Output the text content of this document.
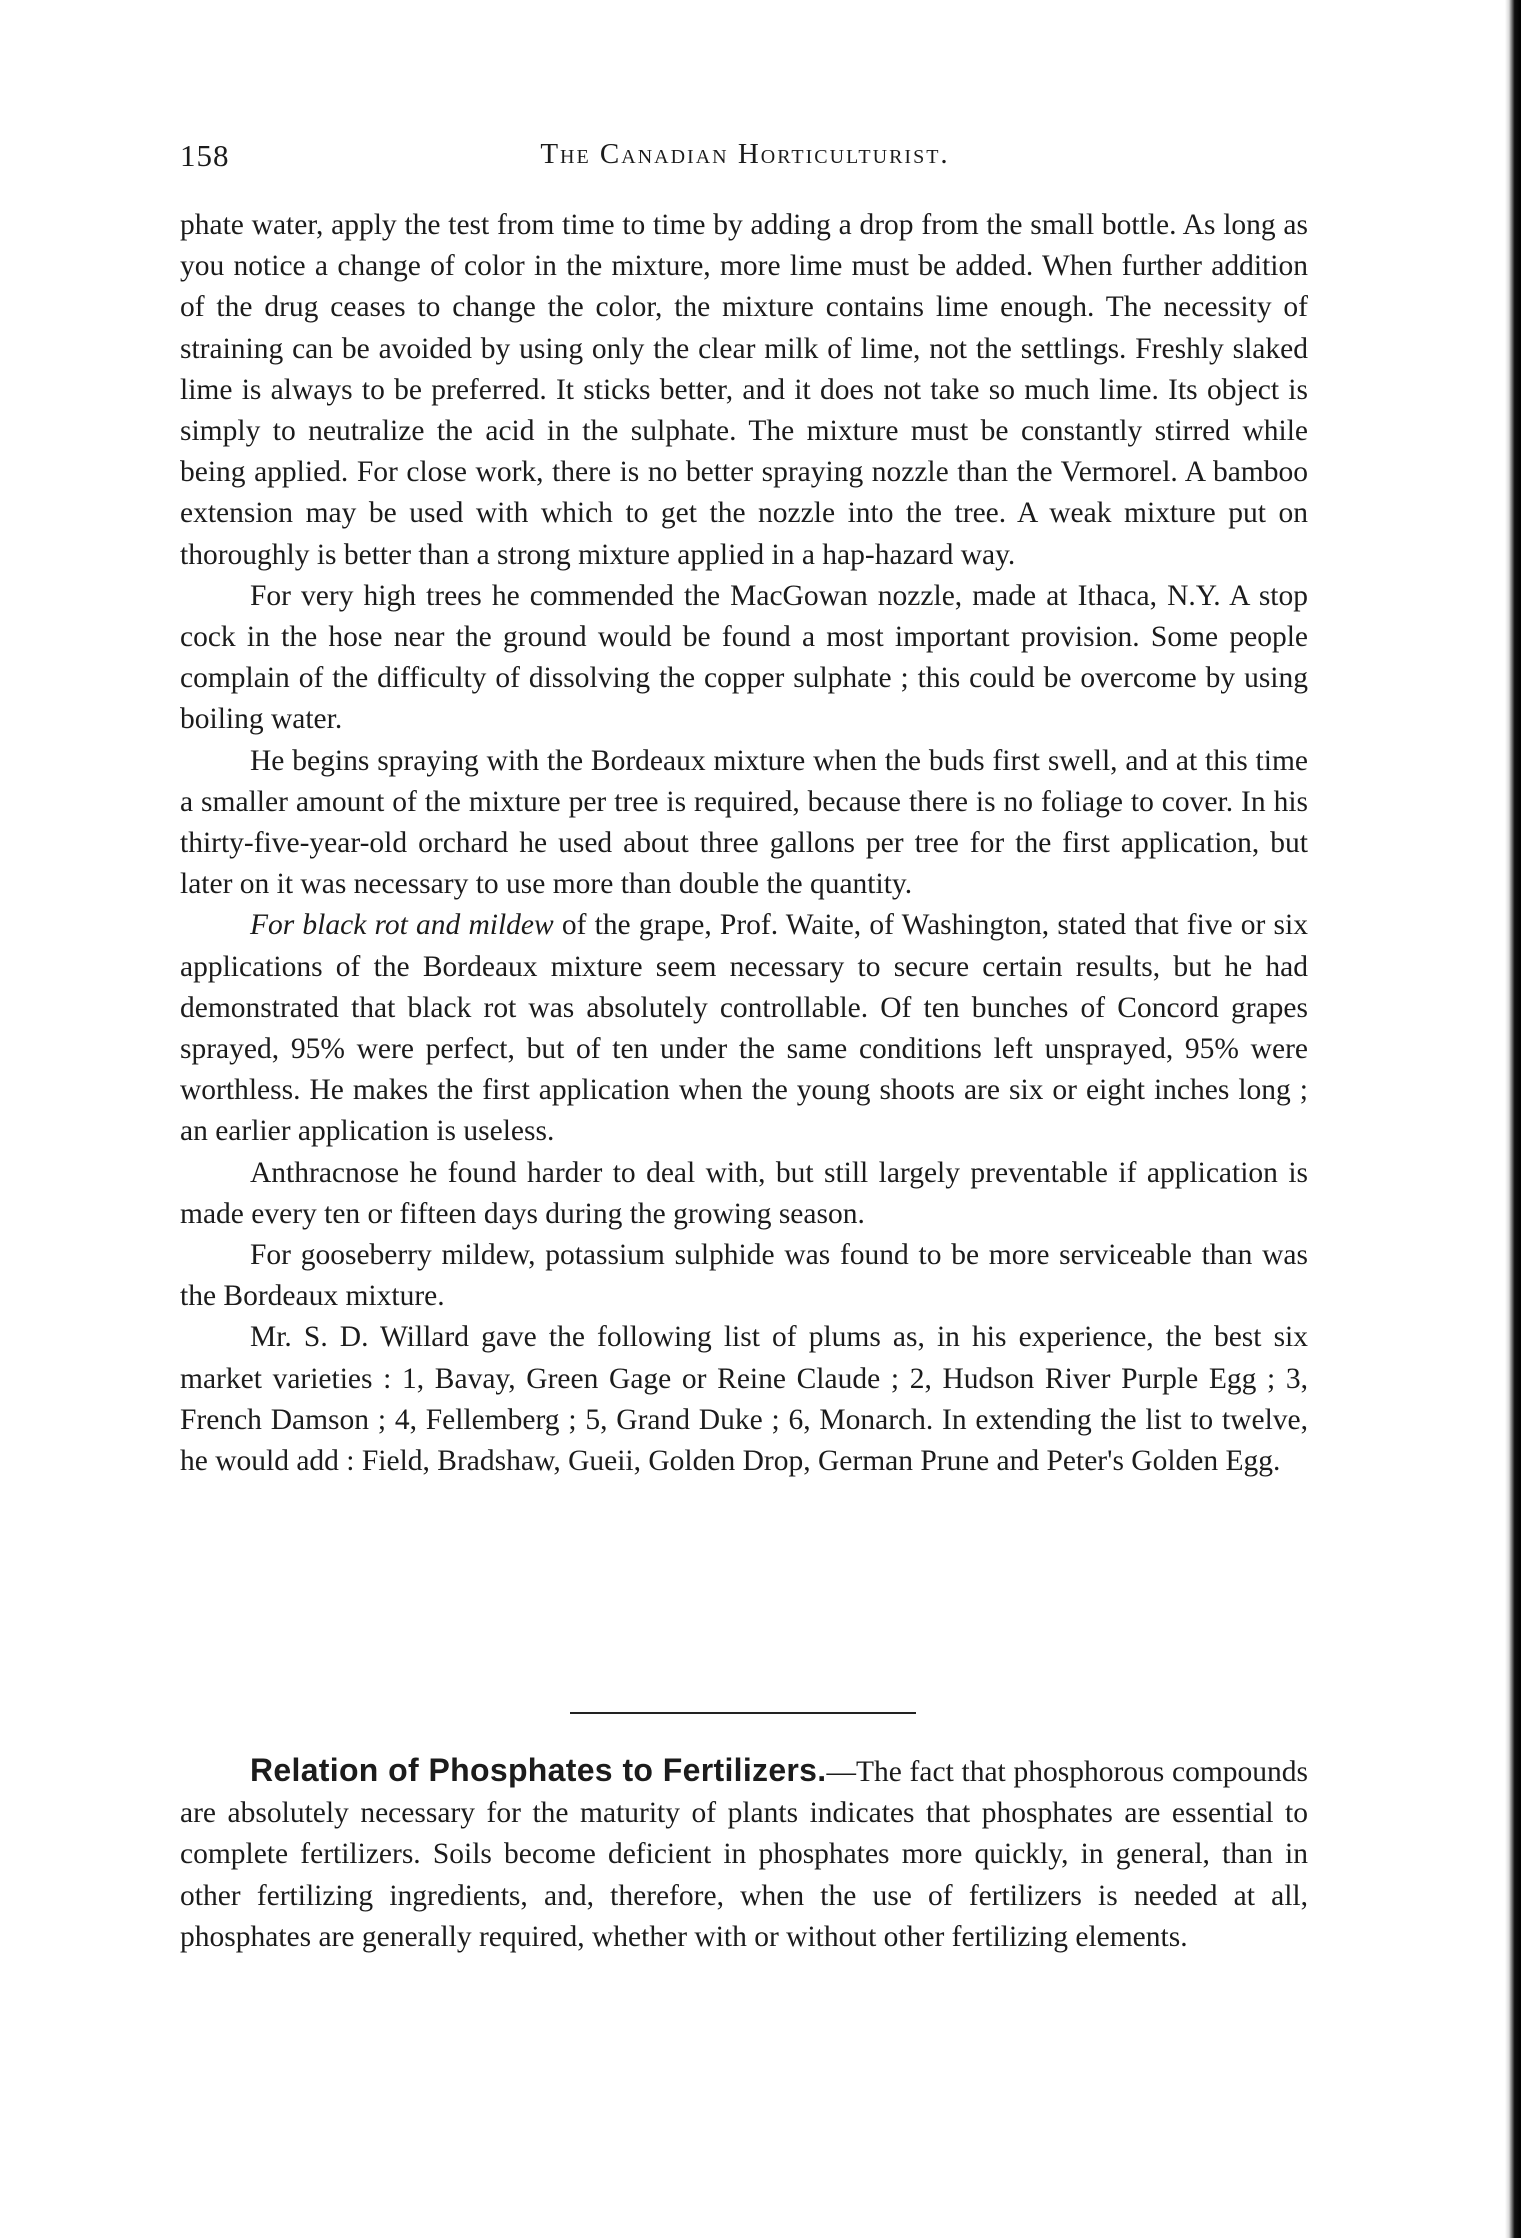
158	The Canadian Horticulturist.

phate water, apply the test from time to time by adding a drop from the small bottle. As long as you notice a change of color in the mixture, more lime must be added. When further addition of the drug ceases to change the color, the mixture contains lime enough. The necessity of straining can be avoided by using only the clear milk of lime, not the settlings. Freshly slaked lime is always to be preferred. It sticks better, and it does not take so much lime. Its object is simply to neutralize the acid in the sulphate. The mixture must be constantly stirred while being applied. For close work, there is no better spraying nozzle than the Vermorel. A bamboo extension may be used with which to get the nozzle into the tree. A weak mixture put on thoroughly is better than a strong mixture applied in a hap-hazard way.

For very high trees he commended the MacGowan nozzle, made at Ithaca, N.Y. A stop cock in the hose near the ground would be found a most important provision. Some people complain of the difficulty of dissolving the copper sulphate ; this could be overcome by using boiling water.

He begins spraying with the Bordeaux mixture when the buds first swell, and at this time a smaller amount of the mixture per tree is required, because there is no foliage to cover. In his thirty-five-year-old orchard he used about three gallons per tree for the first application, but later on it was necessary to use more than double the quantity.

For black rot and mildew of the grape, Prof. Waite, of Washington, stated that five or six applications of the Bordeaux mixture seem necessary to secure certain results, but he had demonstrated that black rot was absolutely controllable. Of ten bunches of Concord grapes sprayed, 95% were perfect, but of ten under the same conditions left unsprayed, 95% were worthless. He makes the first application when the young shoots are six or eight inches long ; an earlier application is useless.

Anthracnose he found harder to deal with, but still largely preventable if application is made every ten or fifteen days during the growing season.

For gooseberry mildew, potassium sulphide was found to be more serviceable than was the Bordeaux mixture.

Mr. S. D. Willard gave the following list of plums as, in his experience, the best six market varieties : 1, Bavay, Green Gage or Reine Claude ; 2, Hudson River Purple Egg ; 3, French Damson ; 4, Fellemberg ; 5, Grand Duke ; 6, Monarch. In extending the list to twelve, he would add : Field, Bradshaw, Gueii, Golden Drop, German Prune and Peter's Golden Egg.

Relation of Phosphates to Fertilizers.—The fact that phosphorous compounds are absolutely necessary for the maturity of plants indicates that phosphates are essential to complete fertilizers. Soils become deficient in phosphates more quickly, in general, than in other fertilizing ingredients, and, therefore, when the use of fertilizers is needed at all, phosphates are generally required, whether with or without other fertilizing elements.
